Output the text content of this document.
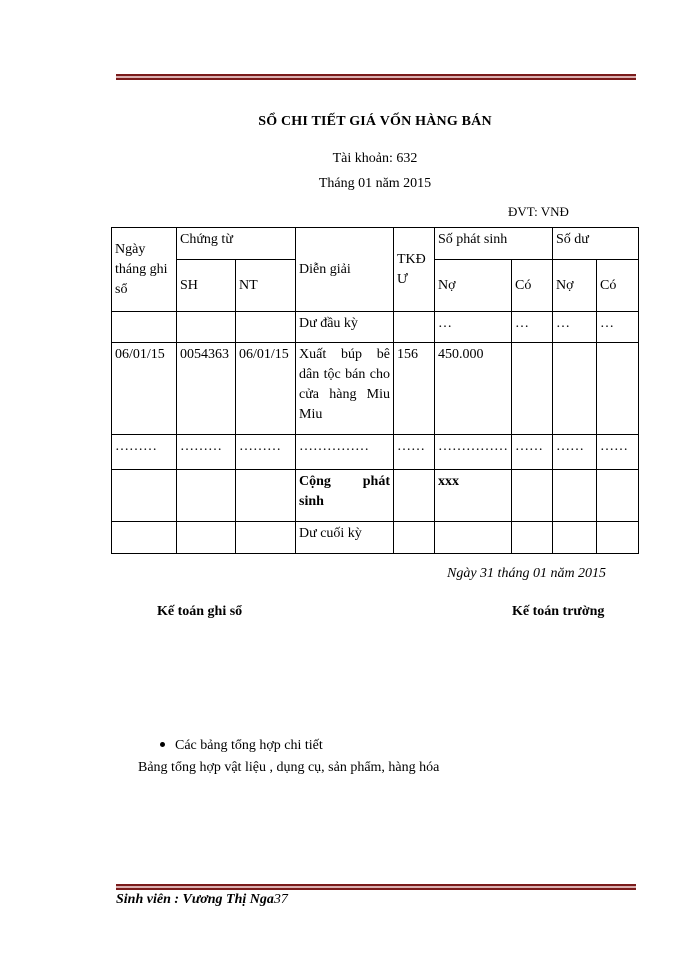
SỔ CHI TIẾT GIÁ VỐN HÀNG BÁN
Tài khoản: 632
Tháng 01 năm 2015
ĐVT: VNĐ
Ngày tháng ghi sổ	Chứng từ		Diễn giải	TKĐ Ư	Số phát sinh		Số dư	
	SH	NT			Nợ	Có	Nợ	Có
			Dư đầu kỳ		…	…	…	…
06/01/15	0054363	06/01/15	Xuất búp bê dân tộc bán cho cửa hàng Miu Miu	156	450.000			
………	………	………	……………	……	……………	……	……	……
			Cộng phát sinh		xxx			
			Dư cuối kỳ					
Ngày 31 tháng 01 năm 2015
Kế toán ghi sổ	Kế toán trường
Các bảng tổng hợp chi tiết
Bảng tổng hợp vật liệu , dụng cụ, sản phẩm, hàng hóa
Sinh viên : Vương Thị Nga37
